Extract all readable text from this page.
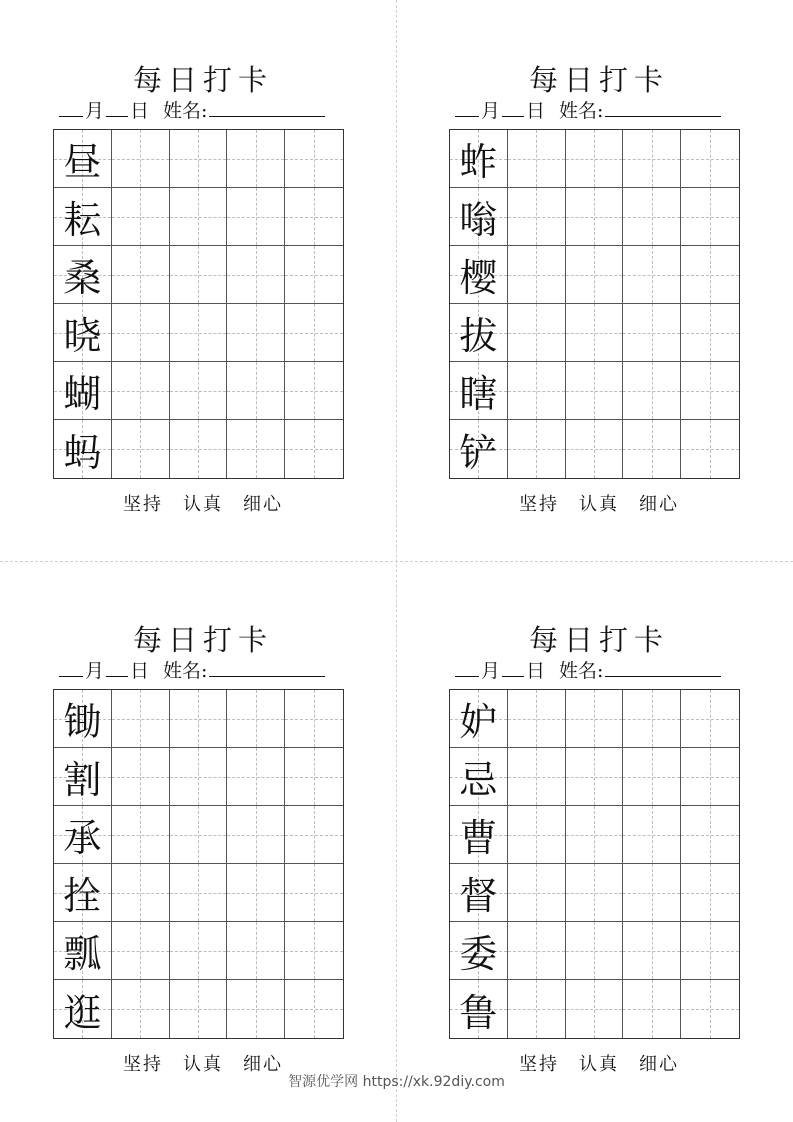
每日打卡
月 日 姓名:
昼
耘
桑
晓
蝴
蚂
坚持 认真 细心
每日打卡
月 日 姓名:
蚱
嗡
樱
拔
瞎
铲
坚持 认真 细心
每日打卡
月 日 姓名:
锄
割
承
拴
瓢
逛
坚持 认真 细心
每日打卡
月 日 姓名:
妒
忌
曹
督
委
鲁
坚持 认真 细心
智源优学网 https://xk.92diy.com
